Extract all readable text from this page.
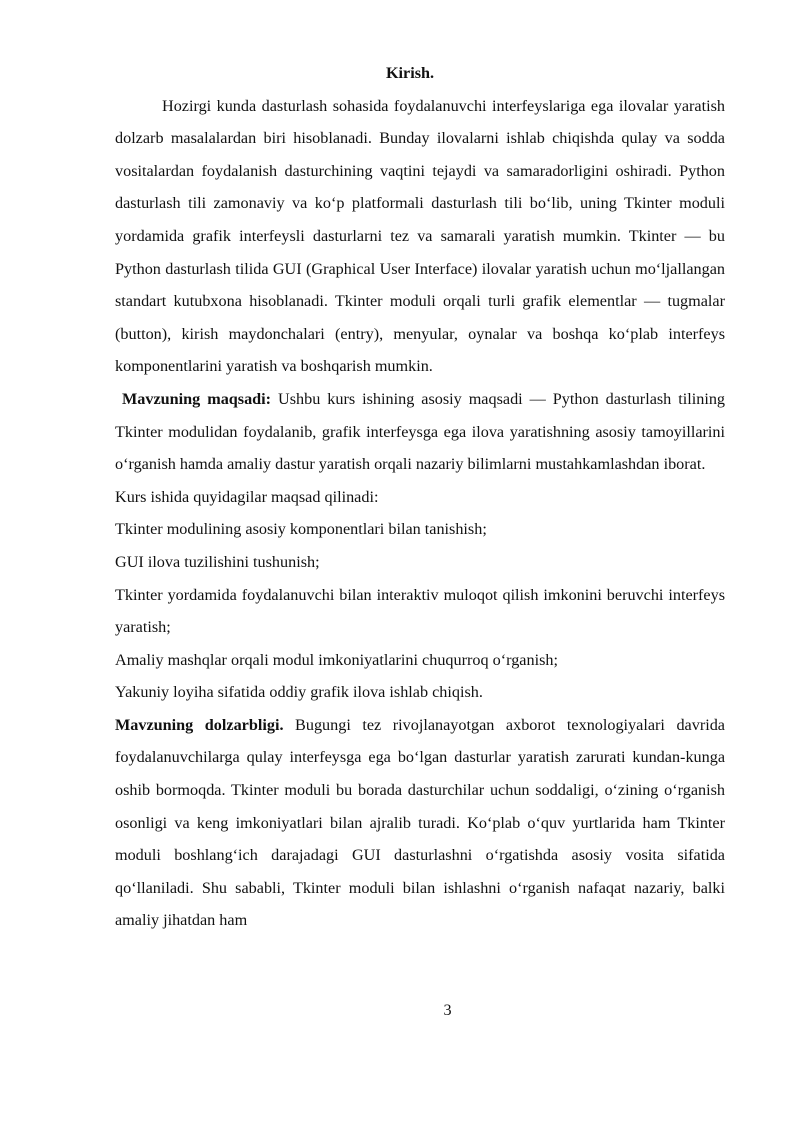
Kirish.

Hozirgi kunda dasturlash sohasida foydalanuvchi interfeyslariga ega ilovalar yaratish dolzarb masalalardan biri hisoblanadi. Bunday ilovalarni ishlab chiqishda qulay va sodda vositalardan foydalanish dasturchining vaqtini tejaydi va samaradorligini oshiradi. Python dasturlash tili zamonaviy va ko‘p platformali dasturlash tili bo‘lib, uning Tkinter moduli yordamida grafik interfeysli dasturlarni tez va samarali yaratish mumkin. Tkinter — bu Python dasturlash tilida GUI (Graphical User Interface) ilovalar yaratish uchun mo‘ljallangan standart kutubxona hisoblanadi. Tkinter moduli orqali turli grafik elementlar — tugmalar (button), kirish maydonchalari (entry), menyular, oynalar va boshqa ko‘plab interfeys komponentlarini yaratish va boshqarish mumkin.

Mavzuning maqsadi: Ushbu kurs ishining asosiy maqsadi — Python dasturlash tilining Tkinter modulidan foydalanib, grafik interfeysga ega ilova yaratishning asosiy tamoyillarini o‘rganish hamda amaliy dastur yaratish orqali nazariy bilimlarni mustahkamlashdan iborat.

Kurs ishida quyidagilar maqsad qilinadi:

Tkinter modulining asosiy komponentlari bilan tanishish;

GUI ilova tuzilishini tushunish;

Tkinter yordamida foydalanuvchi bilan interaktiv muloqot qilish imkonini beruvchi interfeys yaratish;

Amaliy mashqlar orqali modul imkoniyatlarini chuqurroq o‘rganish;

Yakuniy loyiha sifatida oddiy grafik ilova ishlab chiqish.

Mavzuning dolzarbligi. Bugungi tez rivojlanayotgan axborot texnologiyalari davrida foydalanuvchilarga qulay interfeysga ega bo‘lgan dasturlar yaratish zarurati kundan-kunga oshib bormoqda. Tkinter moduli bu borada dasturchilar uchun soddaligi, o‘zining o‘rganish osonligi va keng imkoniyatlari bilan ajralib turadi. Ko‘plab o‘quv yurtlarida ham Tkinter moduli boshlang‘ich darajadagi GUI dasturlashni o‘rgatishda asosiy vosita sifatida qo‘llaniladi. Shu sababli, Tkinter moduli bilan ishlashni o‘rganish nafaqat nazariy, balki amaliy jihatdan ham

3
